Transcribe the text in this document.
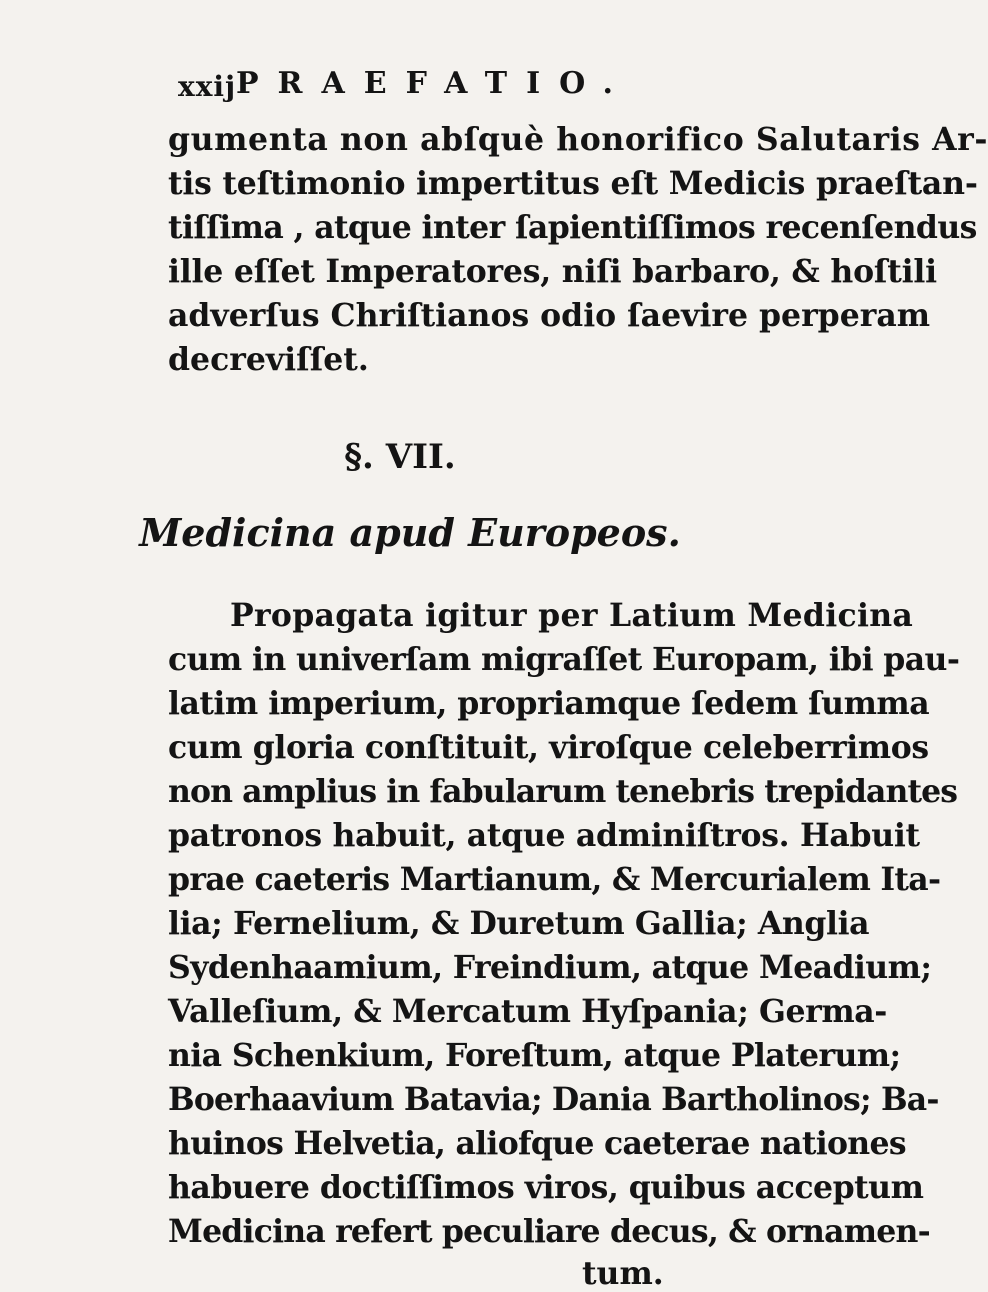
xxij PRAEFATIO.
gumenta non abſquè honorifico Salutaris Ar-
tis teſtimonio impertitus eſt Medicis praeſtan-
tiſſima , atque inter ſapientiſſimos recenſendus
ille eſſet Imperatores, niſi barbaro, & hoſtili
adverſus Chriſtianos odio ſaevire perperam
decreviſſet.
§. VII.
Medicina apud Europeos.
Propagata igitur per Latium Medicina
cum in univerſam migraſſet Europam, ibi pau-
latim imperium, propriamque ſedem ſumma
cum gloria conſtituit, viroſque celeberrimos
non amplius in fabularum tenebris trepidantes
patronos habuit, atque adminiſtros. Habuit
prae caeteris Martianum, & Mercurialem Ita-
lia; Fernelium, & Duretum Gallia; Anglia
Sydenhaamium, Freindium, atque Meadium;
Valleſium, & Mercatum Hyſpania; Germa-
nia Schenkium, Foreſtum, atque Platerum;
Boerhaavium Batavia; Dania Bartholinos; Ba-
huinos Helvetia, aliofque caeterae nationes
habuere doctiſſimos viros, quibus acceptum
Medicina refert peculiare decus, & ornamen-
tum.
